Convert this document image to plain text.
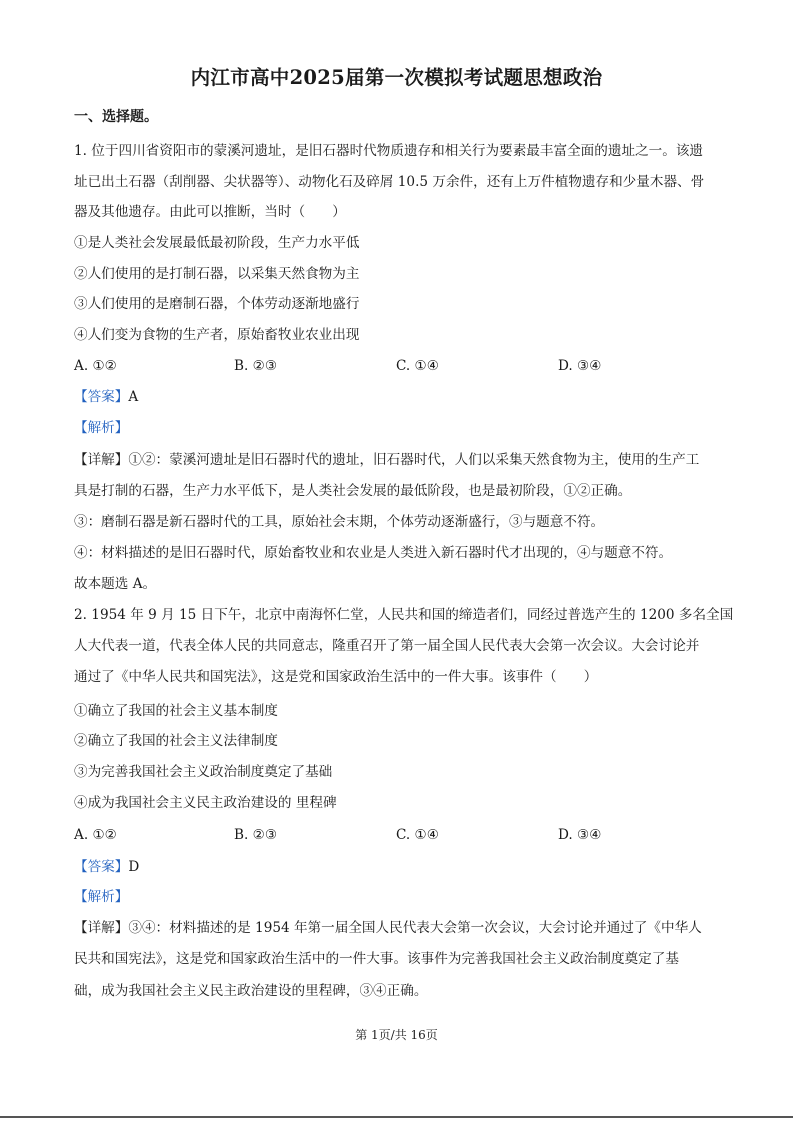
内江市高中2025届第一次模拟考试题思想政治
一、选择题。
1. 位于四川省资阳市的蒙溪河遗址，是旧石器时代物质遗存和相关行为要素最丰富全面的遗址之一。该遗
址已出土石器（刮削器、尖状器等）、动物化石及碎屑 10.5 万余件，还有上万件植物遗存和少量木器、骨
器及其他遗存。由此可以推断，当时（　　）
①是人类社会发展最低最初阶段，生产力水平低
②人们使用的是打制石器，以采集天然食物为主
③人们使用的是磨制石器，个体劳动逐渐地盛行
④人们变为食物的生产者，原始畜牧业农业出现
A. ①②	B. ②③	C. ①④	D. ③④
【答案】A
【解析】
【详解】①②：蒙溪河遗址是旧石器时代的遗址，旧石器时代，人们以采集天然食物为主，使用的生产工
具是打制的石器，生产力水平低下，是人类社会发展的最低阶段，也是最初阶段，①②正确。
③：磨制石器是新石器时代的工具，原始社会末期，个体劳动逐渐盛行，③与题意不符。
④：材料描述的是旧石器时代，原始畜牧业和农业是人类进入新石器时代才出现的，④与题意不符。
故本题选 A。
2. 1954 年 9 月 15 日下午，北京中南海怀仁堂，人民共和国的缔造者们，同经过普选产生的 1200 多名全国
人大代表一道，代表全体人民的共同意志，隆重召开了第一届全国人民代表大会第一次会议。大会讨论并
通过了《中华人民共和国宪法》，这是党和国家政治生活中的一件大事。该事件（　　）
①确立了我国的社会主义基本制度
②确立了我国的社会主义法律制度
③为完善我国社会主义政治制度奠定了基础
④成为我国社会主义民主政治建设的 里程碑
A. ①②	B. ②③	C. ①④	D. ③④
【答案】D
【解析】
【详解】③④：材料描述的是 1954 年第一届全国人民代表大会第一次会议，大会讨论并通过了《中华人
民共和国宪法》，这是党和国家政治生活中的一件大事。该事件为完善我国社会主义政治制度奠定了基
础，成为我国社会主义民主政治建设的里程碑，③④正确。
第 1页/共 16页
